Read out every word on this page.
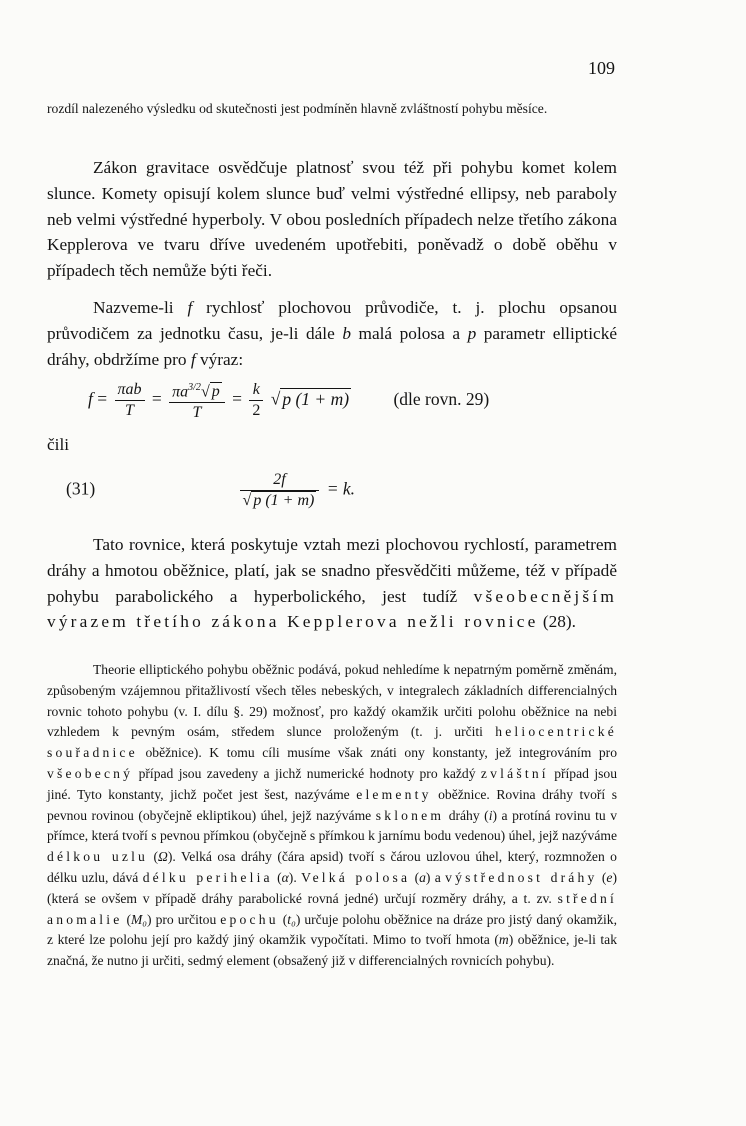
109

rozdíl nalezeného výsledku od skutečnosti jest podmíněn hlavně zvláštností pohybu měsíce.

Zákon gravitace osvědčuje platnosť svou též při pohybu komet kolem slunce. Komety opisují kolem slunce buď velmi výstředné ellipsy, neb paraboly neb velmi výstředné hyperboly. V obou posledních případech nelze třetího zákona Kepplerova ve tvaru dříve uvedeném upotřebiti, poněvadž o době oběhu v případech těch nemůže býti řeči.

Nazveme-li f rychlosť plochovou průvodiče, t. j. plochu opsanou průvodičem za jednotku času, je-li dále b malá polosa a p parametr elliptické dráhy, obdržíme pro f výraz:

$f = \frac{\text{πab}}{T} = \frac{\pi a^{3/2}√ p}{T} = \frac{k}{2}$ √ p (1 + m)	(dle rovn. 29)
čili
(31)	$\frac{2f}{√ p (1 + m)} = k$.

Tato rovnice, která poskytuje vztah mezi plochovou rychlostí, parametrem dráhy a hmotou oběžnice, platí, jak se snadno přesvědčiti můžeme, též v případě pohybu parabolického a hyperbolického, jest tudíž všeobecnějším výrazem třetího zákona Kepplerova nežli rovnice (28).

Theorie elliptického pohybu oběžnic podává, pokud nehledíme k nepatrným poměrně změnám, způsobeným vzájemnou přitažlivostí všech těles nebeských, v integralech základních differencialných rovnic tohoto pohybu (v. I. dílu §. 29) možnosť, pro každý okamžik určiti polohu oběžnice na nebi vzhledem k pevným osám, středem slunce proloženým (t. j. určiti heliocentrické souřadnice oběžnice). K tomu cíli musíme však znáti ony konstanty, jež integrováním pro všeobecný případ jsou zavedeny a jichž numerické hodnoty pro každý zvláštní případ jsou jiné. Tyto konstanty, jichž počet jest šest, nazýváme elementy oběžnice. Rovina dráhy tvoří s pevnou rovinou (obyčejně ekliptikou) úhel, jejž nazýváme sklonem dráhy (i) a protíná rovinu tu v přímce, která tvoří s pevnou přímkou (obyčejně s přímkou k jarnímu bodu vedenou) úhel, jejž nazýváme délkou uzlu (Ω). Velká osa dráhy (čára apsid) tvoří s čárou uzlovou úhel, který, rozmnožen o délku uzlu, dává délku perihelia (α). Velká polosa (a) a výstřednost dráhy (e) (která se ovšem v případě dráhy parabolické rovná jedné) určují rozměry dráhy, a t. zv. střední anomalie (M₀) pro určitou epochu (t₀) určuje polohu oběžnice na dráze pro jistý daný okamžik, z které lze polohu její pro každý jiný okamžik vypočítati. Mimo to tvoří hmota (m) oběžnice, je-li tak značná, že nutno ji určiti, sedmý element (obsažený již v differencialných rovnicích pohybu).
